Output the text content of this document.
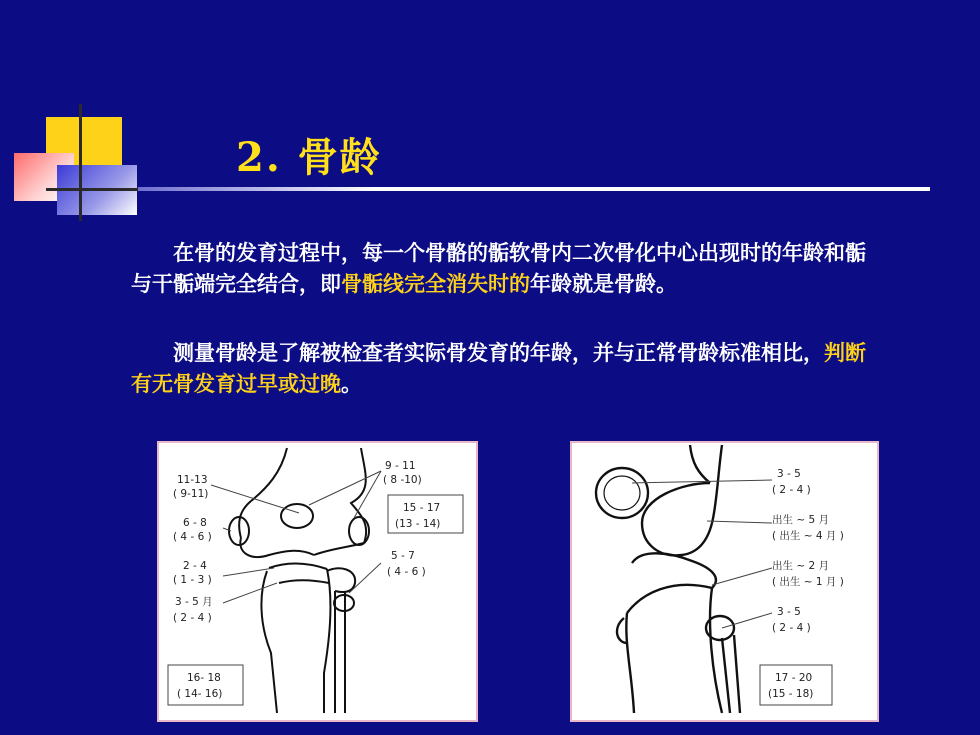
2. 骨龄

在骨的发育过程中，每一个骨骼的骺软骨内二次骨化中心出现时的年龄和骺与干骺端完全结合，即骨骺线完全消失时的年龄就是骨龄。

测量骨龄是了解被检查者实际骨发育的年龄，并与正常骨龄标准相比，判断有无骨发育过早或过晚。

11-13
( 9-11)
6 - 8
( 4 - 6 )
2 - 4
( 1 - 3 )
3 - 5 月
( 2 - 4 )
9 - 11
( 8 -10)
15 - 17
(13 - 14)
5 - 7
( 4 - 6 )
16- 18
( 14- 16)
3 - 5
( 2 - 4 )
出生 ~ 5 月
( 出生 ~ 4 月 )
出生 ~ 2 月
( 出生 ~ 1 月 )
3 - 5
( 2 - 4 )
17 - 20
(15 - 18)
